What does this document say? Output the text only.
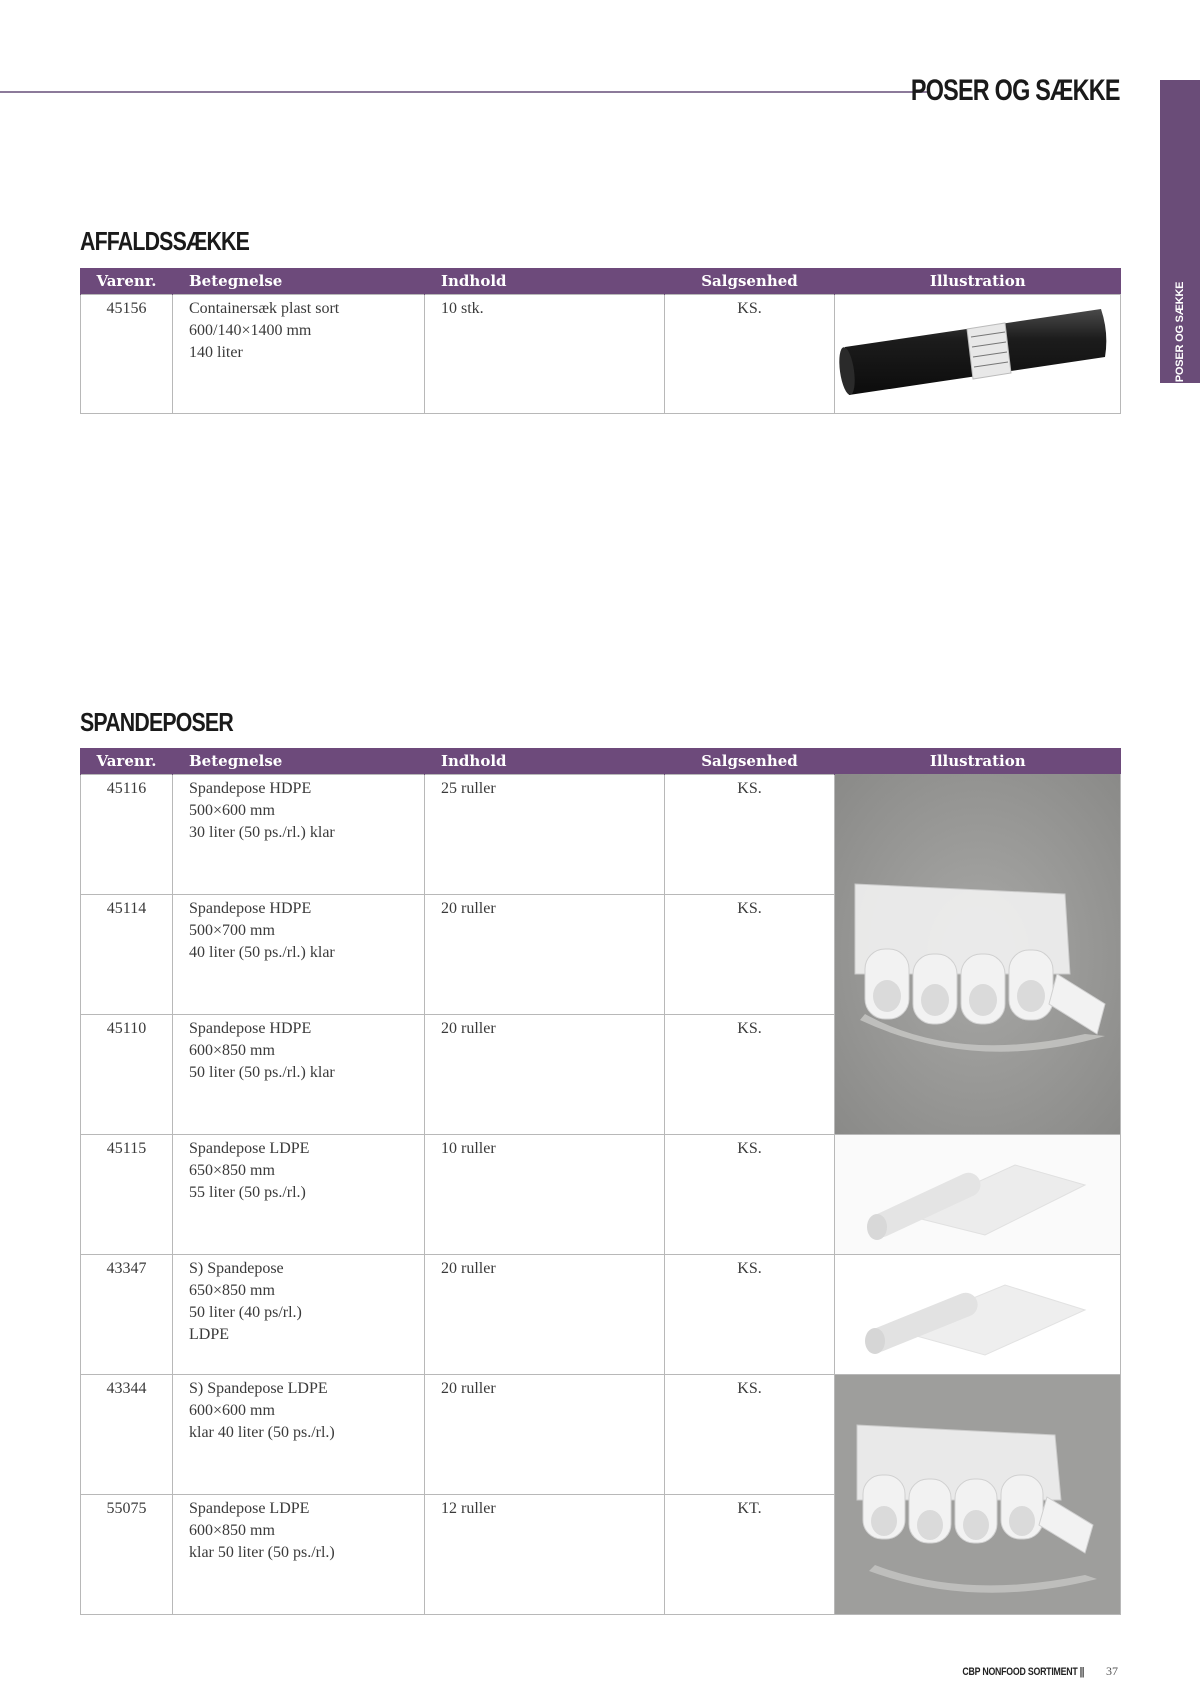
POSER OG SÆKKE
POSER OG SÆKKE
AFFALDSSÆKKE
Varenr.	Betegnelse	Indhold	Salgsenhed	Illustration
45156	Containersæk plast sort
600/140×1400 mm
140 liter	10 stk.	KS.	
SPANDEPOSER
Varenr.	Betegnelse	Indhold	Salgsenhed	Illustration
45116	Spandepose HDPE
500×600 mm
30 liter (50 ps./rl.) klar	25 ruller	KS.	

45114	Spandepose HDPE
500×700 mm
40 liter (50 ps./rl.) klar	20 ruller	KS.	
45110	Spandepose HDPE
600×850 mm
50 liter (50 ps./rl.) klar	20 ruller	KS.	
45115	Spandepose LDPE
650×850 mm
55 liter (50 ps./rl.)	10 ruller	KS.	

43347	S) Spandepose
650×850 mm
50 liter (40 ps/rl.)
LDPE	20 ruller	KS.	

43344	S) Spandepose LDPE
600×600 mm
klar 40 liter (50 ps./rl.)	20 ruller	KS.	

55075	Spandepose LDPE
600×850 mm
klar 50 liter (50 ps./rl.)	12 ruller	KT.	
CBP NONFOOD SORTIMENT || 37
